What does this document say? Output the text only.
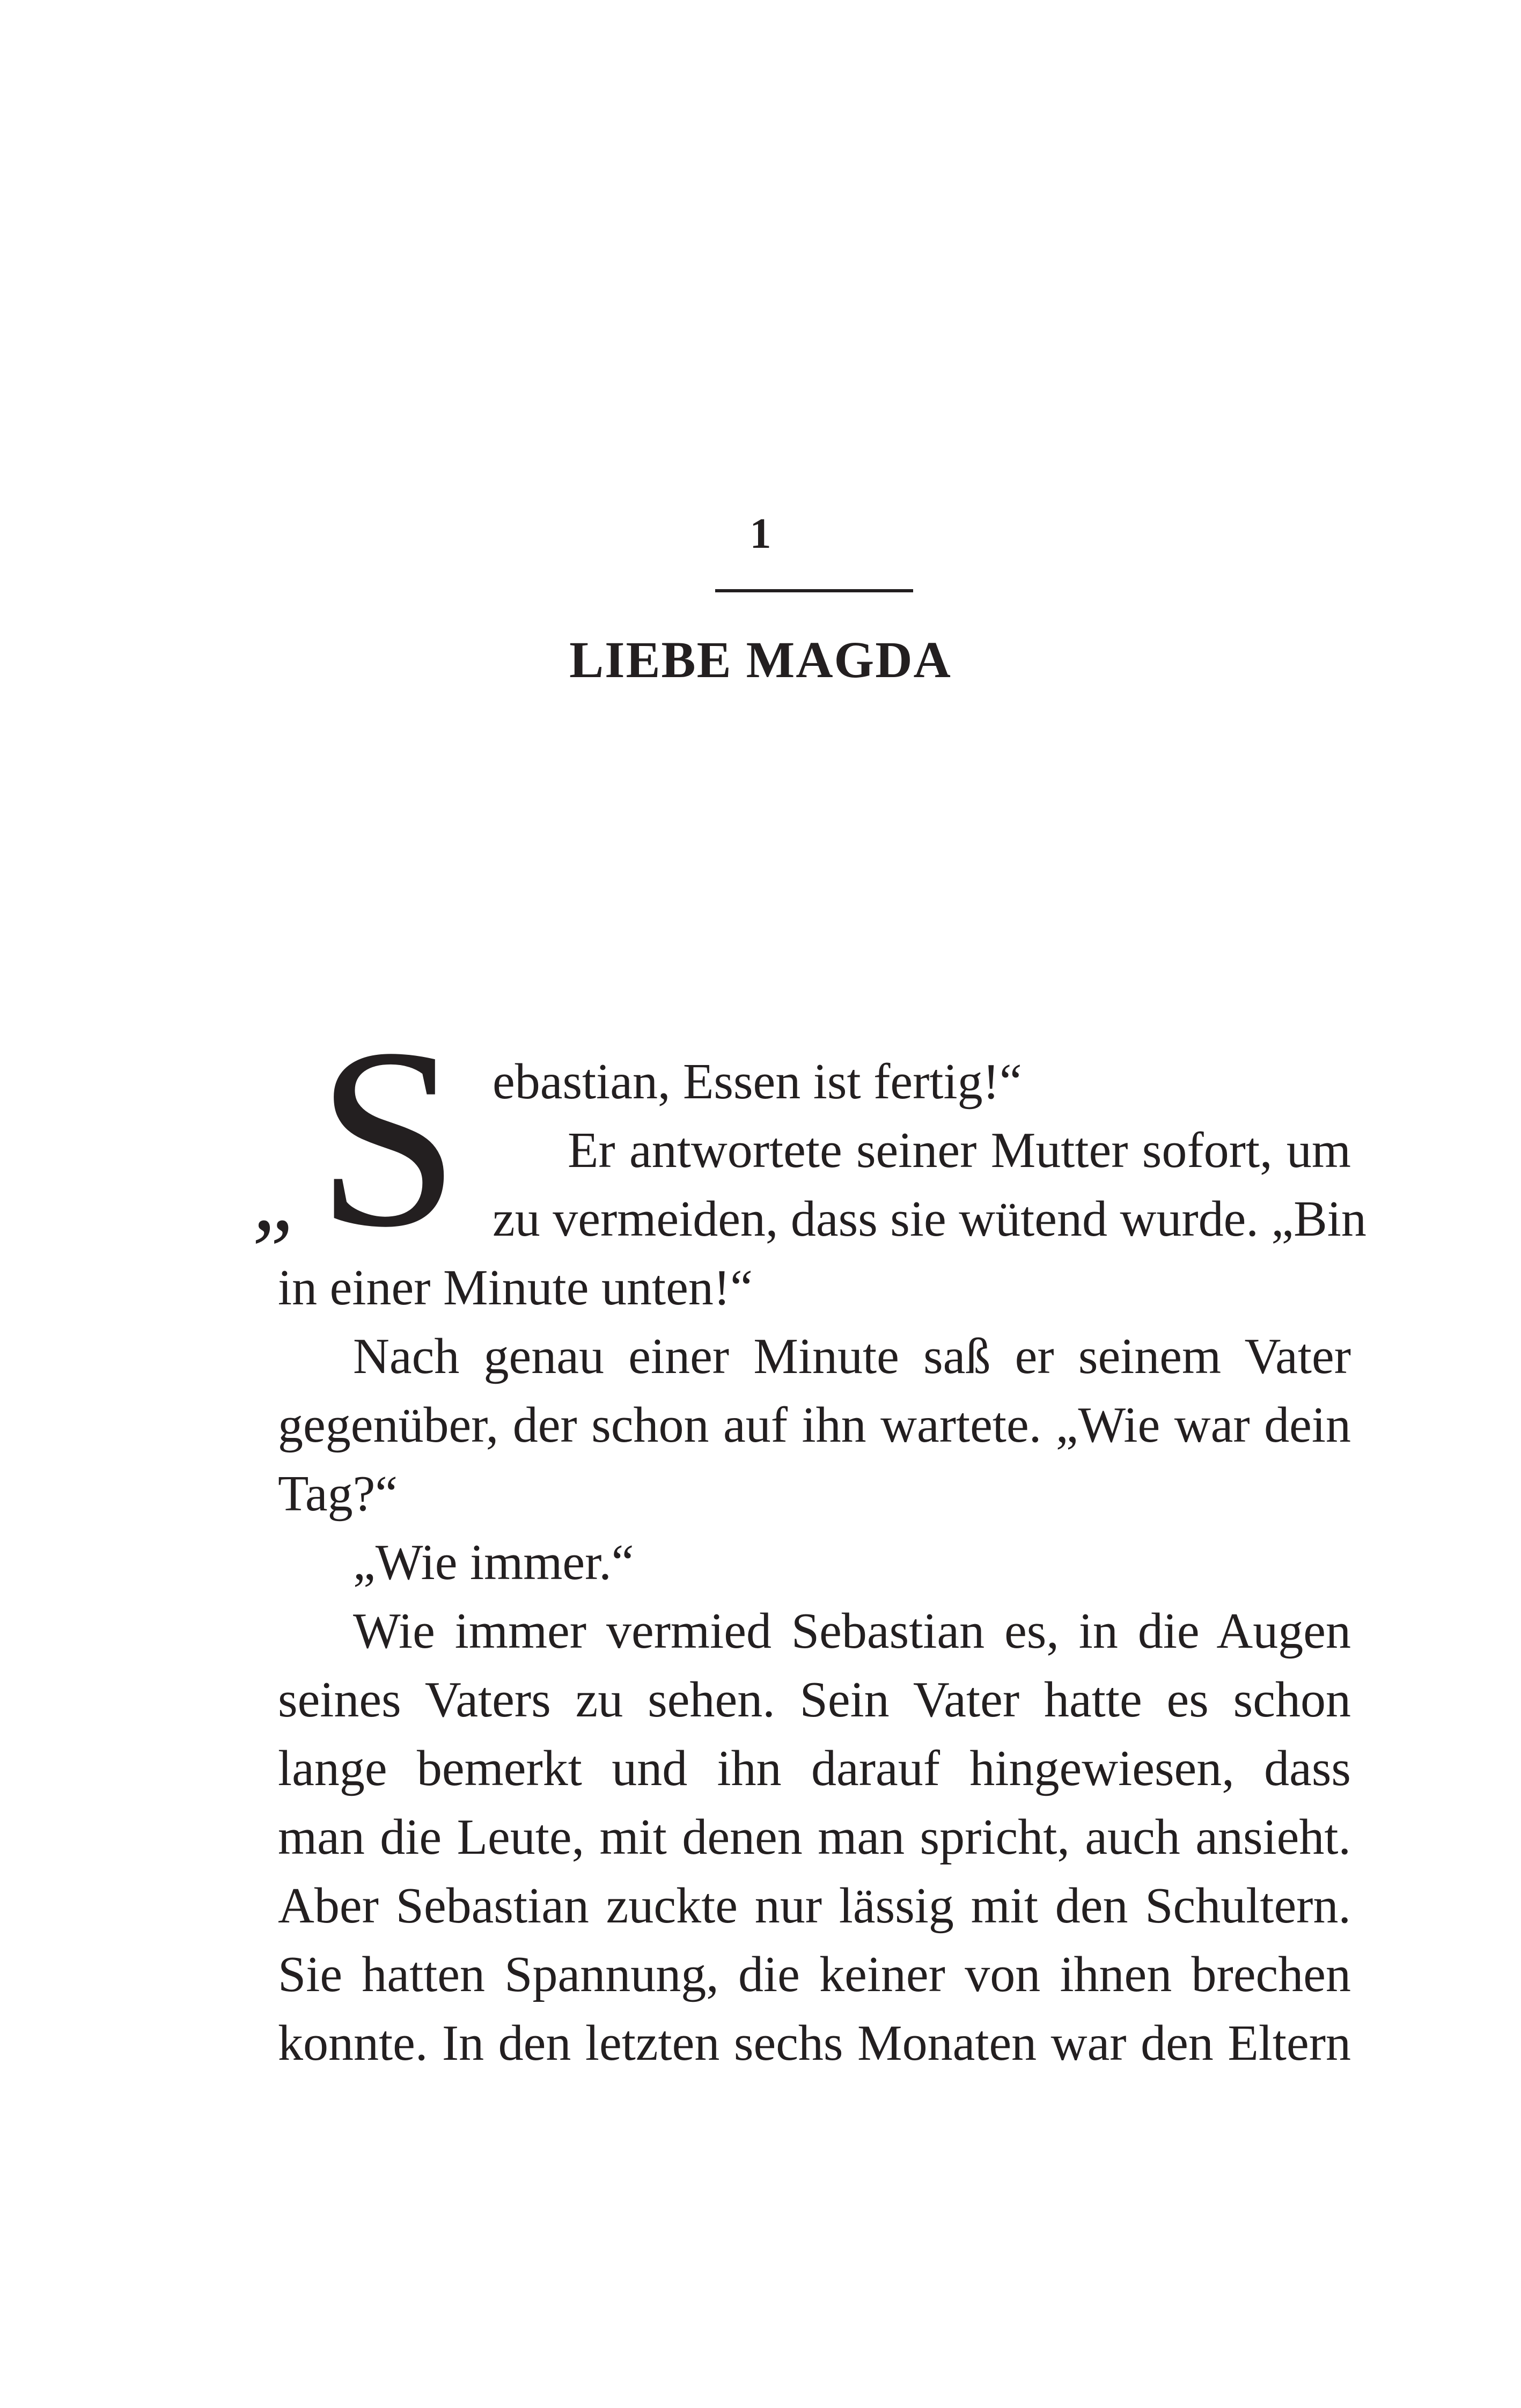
1
LIEBE MAGDA
„ S ebastian, Essen ist fertig!“
Er antwortete seiner Mutter sofort, um
zu vermeiden, dass sie wütend wurde. „Bin
in einer Minute unten!“
Nach genau einer Minute saß er seinem Vater
gegenüber, der schon auf ihn wartete. „Wie war dein
Tag?“
„Wie immer.“
Wie immer vermied Sebastian es, in die Augen
seines Vaters zu sehen. Sein Vater hatte es schon
lange bemerkt und ihn darauf hingewiesen, dass
man die Leute, mit denen man spricht, auch ansieht.
Aber Sebastian zuckte nur lässig mit den Schultern.
Sie hatten Spannung, die keiner von ihnen brechen
konnte. In den letzten sechs Monaten war den Eltern
